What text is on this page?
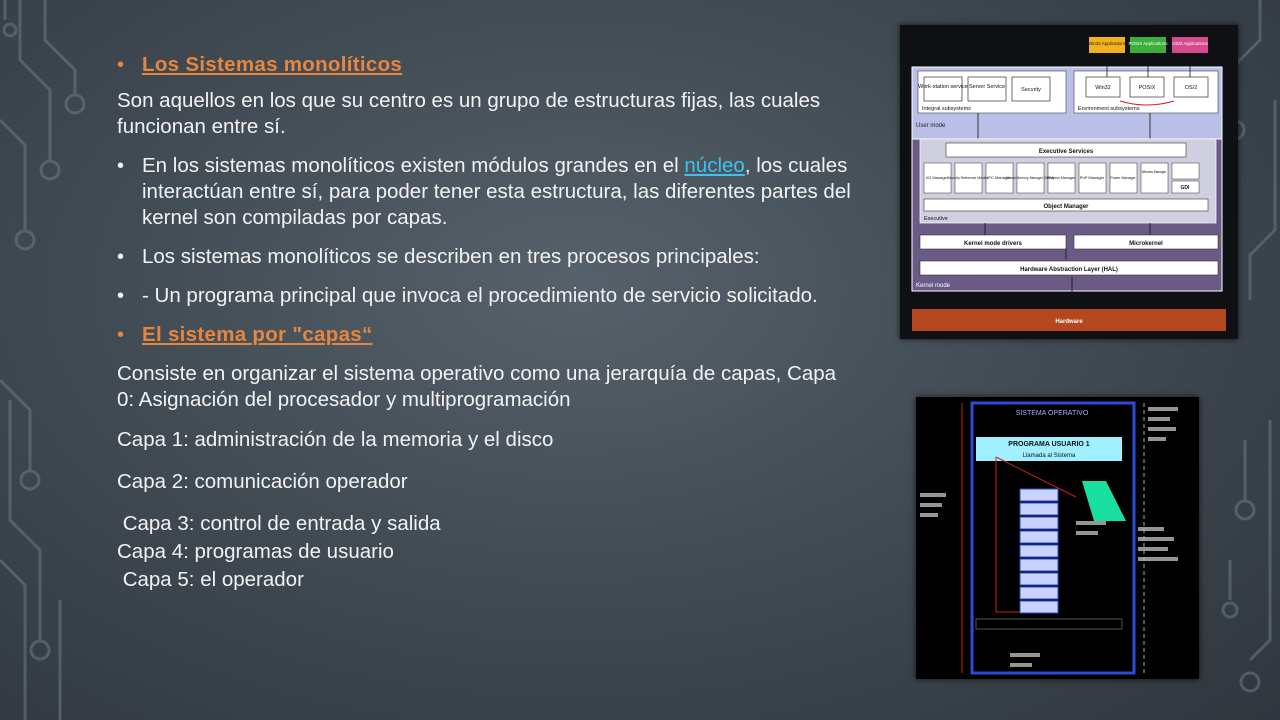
• Los Sistemas monolíticos

Son aquellos en los que su centro es un grupo de estructuras fijas, las cuales funcionan entre sí.

• En los sistemas monolíticos existen módulos grandes en el núcleo, los cuales interactúan entre sí, para poder tener esta estructura, las diferentes partes del kernel son compiladas por capas.

• Los sistemas monolíticos se describen en tres procesos principales:

• - Un programa principal que invoca el procedimiento de servicio solicitado.

• El sistema por "capas“

Consiste en organizar el sistema operativo como una jerarquía de capas, Capa 0: Asignación del procesador y multiprogramación

Capa 1: administración de la memoria y el disco

Capa 2: comunicación operador

Capa 3: control de entrada y salida

Capa 4: programas de usuario

Capa 5: el operador

Win32 Applications POSIX Applications OS/2 Applications
Work-station service Server Service	Security
Integral subsystems
Win32	POSIX	OS/2
Environment subsystems
User mode
Executive Services
I/O Manager Security Reference Monitor
IPC Manager
Virtual Memory Manager (VMM)
Process Manager PnP Manager Power Manager
Window Manager
GDI
Object Manager
Executive
Kernel mode drivers	Microkernel
Hardware Abstraction Layer (HAL)
Kernel mode
Hardware
SISTEMA OPERATIVO
PROGRAMA USUARIO 1
Llamada al Sistema
